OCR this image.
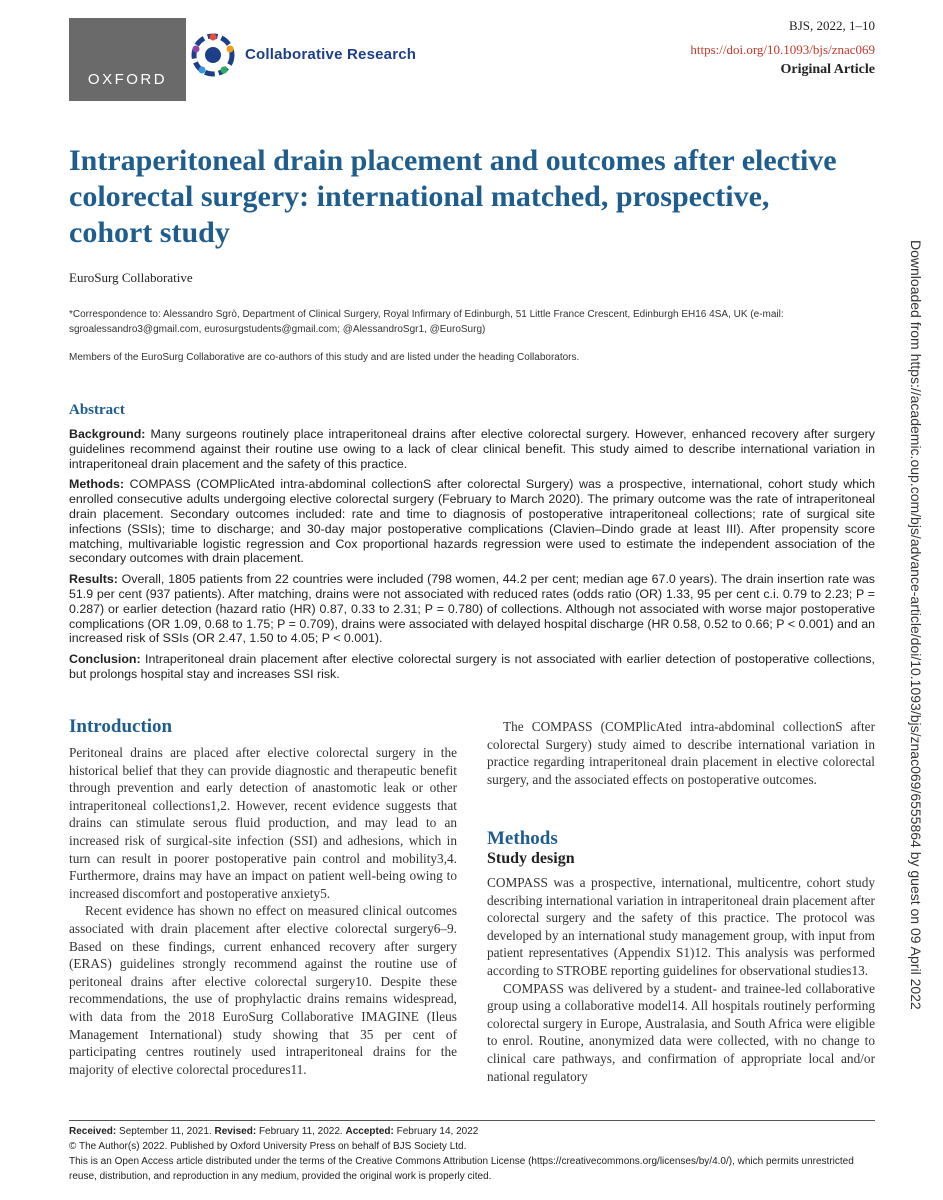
OXFORD
Collaborative Research
BJS, 2022, 1–10
https://doi.org/10.1093/bjs/znac069
Original Article
Downloaded from https://academic.oup.com/bjs/advance-article/doi/10.1093/bjs/znac069/6555864 by guest on 09 April 2022
Intraperitoneal drain placement and outcomes after elective colorectal surgery: international matched, prospective, cohort study
EuroSurg Collaborative
*Correspondence to: Alessandro Sgrò, Department of Clinical Surgery, Royal Infirmary of Edinburgh, 51 Little France Crescent, Edinburgh EH16 4SA, UK (e-mail: sgroalessandro3@gmail.com, eurosurgstudents@gmail.com; @AlessandroSgr1, @EuroSurg)
Members of the EuroSurg Collaborative are co-authors of this study and are listed under the heading Collaborators.
Abstract

Background: Many surgeons routinely place intraperitoneal drains after elective colorectal surgery. However, enhanced recovery after surgery guidelines recommend against their routine use owing to a lack of clear clinical benefit. This study aimed to describe international variation in intraperitoneal drain placement and the safety of this practice.

Methods: COMPASS (COMPlicAted intra-abdominal collectionS after colorectal Surgery) was a prospective, international, cohort study which enrolled consecutive adults undergoing elective colorectal surgery (February to March 2020). The primary outcome was the rate of intraperitoneal drain placement. Secondary outcomes included: rate and time to diagnosis of postoperative intraperitoneal collections; rate of surgical site infections (SSIs); time to discharge; and 30-day major postoperative complications (Clavien–Dindo grade at least III). After propensity score matching, multivariable logistic regression and Cox proportional hazards regression were used to estimate the independent association of the secondary outcomes with drain placement.

Results: Overall, 1805 patients from 22 countries were included (798 women, 44.2 per cent; median age 67.0 years). The drain insertion rate was 51.9 per cent (937 patients). After matching, drains were not associated with reduced rates (odds ratio (OR) 1.33, 95 per cent c.i. 0.79 to 2.23; P = 0.287) or earlier detection (hazard ratio (HR) 0.87, 0.33 to 2.31; P = 0.780) of collections. Although not associated with worse major postoperative complications (OR 1.09, 0.68 to 1.75; P = 0.709), drains were associated with delayed hospital discharge (HR 0.58, 0.52 to 0.66; P < 0.001) and an increased risk of SSIs (OR 2.47, 1.50 to 4.05; P < 0.001).

Conclusion: Intraperitoneal drain placement after elective colorectal surgery is not associated with earlier detection of postoperative collections, but prolongs hospital stay and increases SSI risk.

Introduction

Peritoneal drains are placed after elective colorectal surgery in the historical belief that they can provide diagnostic and therapeutic benefit through prevention and early detection of anastomotic leak or other intraperitoneal collections1,2. However, recent evidence suggests that drains can stimulate serous fluid production, and may lead to an increased risk of surgical-site infection (SSI) and adhesions, which in turn can result in poorer postoperative pain control and mobility3,4. Furthermore, drains may have an impact on patient well-being owing to increased discomfort and postoperative anxiety5.

Recent evidence has shown no effect on measured clinical outcomes associated with drain placement after elective colorectal surgery6–9. Based on these findings, current enhanced recovery after surgery (ERAS) guidelines strongly recommend against the routine use of peritoneal drains after elective colorectal surgery10. Despite these recommendations, the use of prophylactic drains remains widespread, with data from the 2018 EuroSurg Collaborative IMAGINE (Ileus Management International) study showing that 35 per cent of participating centres routinely used intraperitoneal drains for the majority of elective colorectal procedures11.

The COMPASS (COMPlicAted intra-abdominal collectionS after colorectal Surgery) study aimed to describe international variation in practice regarding intraperitoneal drain placement in elective colorectal surgery, and the associated effects on postoperative outcomes.

Methods
Study design

COMPASS was a prospective, international, multicentre, cohort study describing international variation in intraperitoneal drain placement after colorectal surgery and the safety of this practice. The protocol was developed by an international study management group, with input from patient representatives (Appendix S1)12. This analysis was performed according to STROBE reporting guidelines for observational studies13.

COMPASS was delivered by a student- and trainee-led collaborative group using a collaborative model14. All hospitals routinely performing colorectal surgery in Europe, Australasia, and South Africa were eligible to enrol. Routine, anonymized data were collected, with no change to clinical care pathways, and confirmation of appropriate local and/or national regulatory

Received: September 11, 2021. Revised: February 11, 2022. Accepted: February 14, 2022

© The Author(s) 2022. Published by Oxford University Press on behalf of BJS Society Ltd.

This is an Open Access article distributed under the terms of the Creative Commons Attribution License (https://creativecommons.org/licenses/by/4.0/), which permits unrestricted reuse, distribution, and reproduction in any medium, provided the original work is properly cited.
